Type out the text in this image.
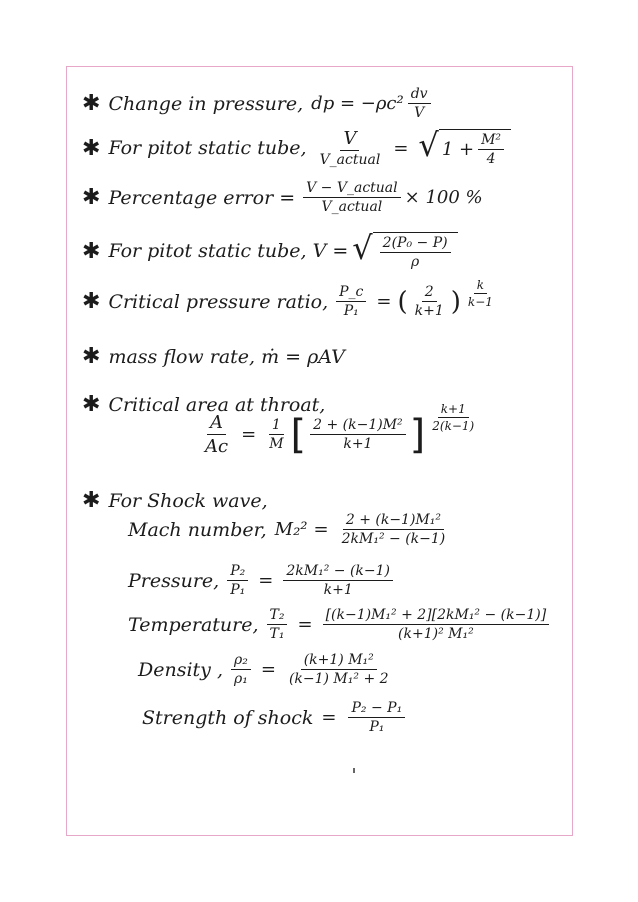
✱ Change in pressure, dp = $-\rho c^2 \frac{dv}{V}$
✱ For pitot static tube, $\frac{V}{\text{V\_actual}}$ = √ $1 + \frac{\text{M²}}{4}$
✱ Percentage error = $\frac{\text{V − V\_actual}}{\text{V\_actual}} \times 100$ %
✱ For pitot static tube, V = √ $\frac{\text{2(P₀ − P)}}{\rho}$
✱ Critical pressure ratio, $\frac{P\_c}{\text{P₁}}$ = ( $\frac{2}{k+1}$ ) $\frac{k}{k-1}$
✱ mass flow rate, ṁ = ρAV
✱ Critical area at throat,
$\frac{A}{Ac} = \frac{1}{M}$ [ $\frac{\text{2 + (k−1)M²}}{k+1}$ ] $\frac{k+1}{2(k-1)}$
✱ For Shock wave,
Mach number, $M_2^2 = \frac{\text{2 + (k−1)M₁²}}{\text{2kM₁² − (k−1)}}$
Pressure, $\frac{\text{P₂}}{\text{P₁}} = \frac{\text{2kM₁² − (k−1)}}{k+1}$
Temperature, $\frac{\text{T₂}}{\text{T₁}} = \frac{\text{[(k−1)M₁² + 2][2kM₁² − (k−1)]}}{\text{(k+1)² M₁²}}$
Density , $\frac{\text{ρ₂}}{\text{ρ₁}} = \frac{\text{(k+1) M₁²}}{\text{(k−1) M₁² + 2}}$
Strength of shock = $\frac{\text{P₂ − P₁}}{\text{P₁}}$
